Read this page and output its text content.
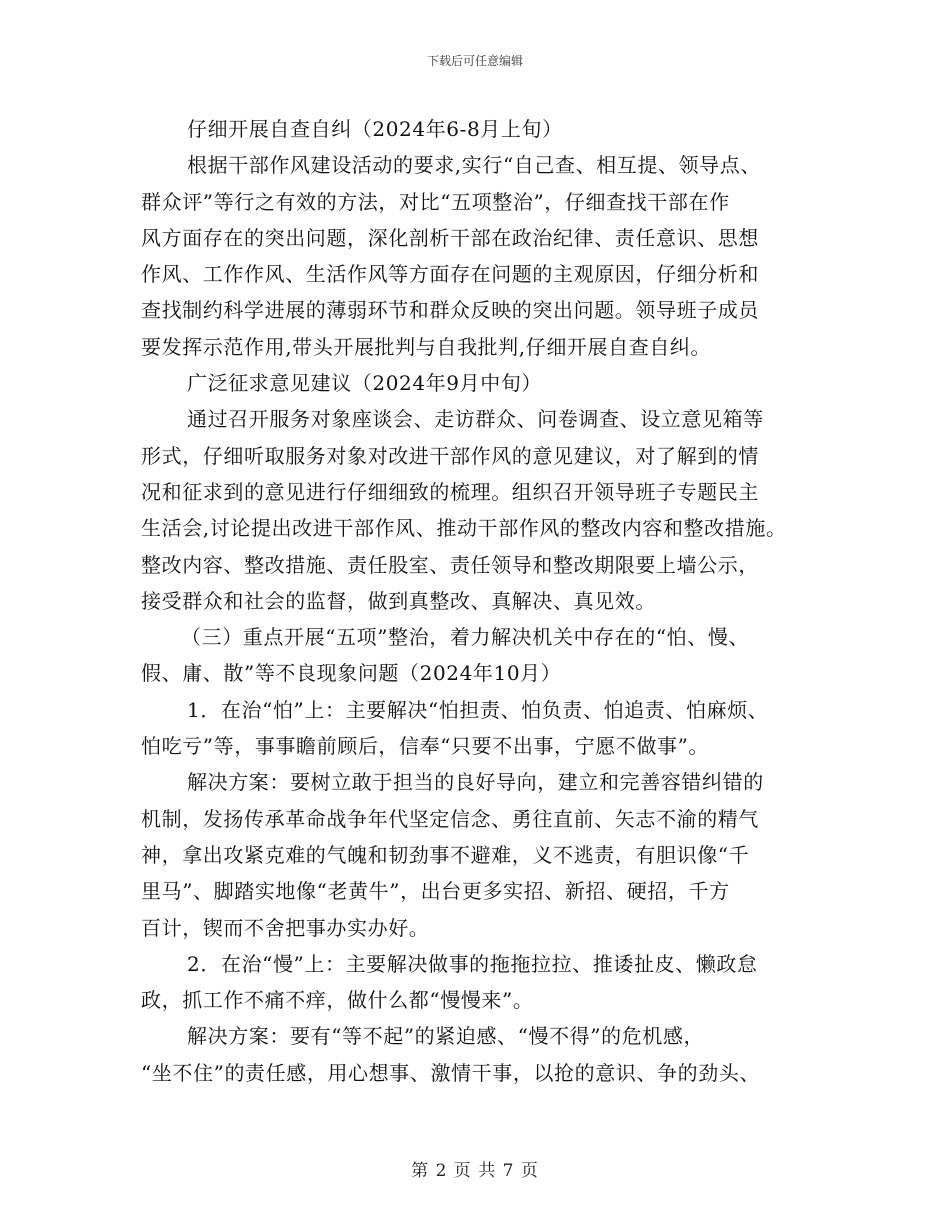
下载后可任意编辑
仔细开展自查自纠（2024年6-8月上旬）
根据干部作风建设活动的要求,实行“自己查、相互提、领导点、
群众评”等行之有效的方法，对比“五项整治”，仔细查找干部在作
风方面存在的突出问题，深化剖析干部在政治纪律、责任意识、思想
作风、工作作风、生活作风等方面存在问题的主观原因，仔细分析和
查找制约科学进展的薄弱环节和群众反映的突出问题。领导班子成员
要发挥示范作用,带头开展批判与自我批判,仔细开展自查自纠。
广泛征求意见建议（2024年9月中旬）
通过召开服务对象座谈会、走访群众、问卷调查、设立意见箱等
形式，仔细听取服务对象对改进干部作风的意见建议，对了解到的情
况和征求到的意见进行仔细细致的梳理。组织召开领导班子专题民主
生活会,讨论提出改进干部作风、推动干部作风的整改内容和整改措施。
整改内容、整改措施、责任股室、责任领导和整改期限要上墙公示，
接受群众和社会的监督，做到真整改、真解决、真见效。
（三）重点开展“五项”整治，着力解决机关中存在的“怕、慢、
假、庸、散”等不良现象问题（2024年10月）
1．在治“怕”上：主要解决“怕担责、怕负责、怕追责、怕麻烦、
怕吃亏”等，事事瞻前顾后，信奉“只要不出事，宁愿不做事”。
解决方案：要树立敢于担当的良好导向，建立和完善容错纠错的
机制，发扬传承革命战争年代坚定信念、勇往直前、矢志不渝的精气
神，拿出攻紧克难的气魄和韧劲事不避难，义不逃责，有胆识像“千
里马”、脚踏实地像“老黄牛”，出台更多实招、新招、硬招，千方
百计，锲而不舍把事办实办好。
2．在治“慢”上：主要解决做事的拖拖拉拉、推诿扯皮、懒政怠
政，抓工作不痛不痒，做什么都“慢慢来”。
解决方案：要有“等不起”的紧迫感、“慢不得”的危机感，
“坐不住”的责任感，用心想事、激情干事，以抢的意识、争的劲头、
第 2 页 共 7 页
